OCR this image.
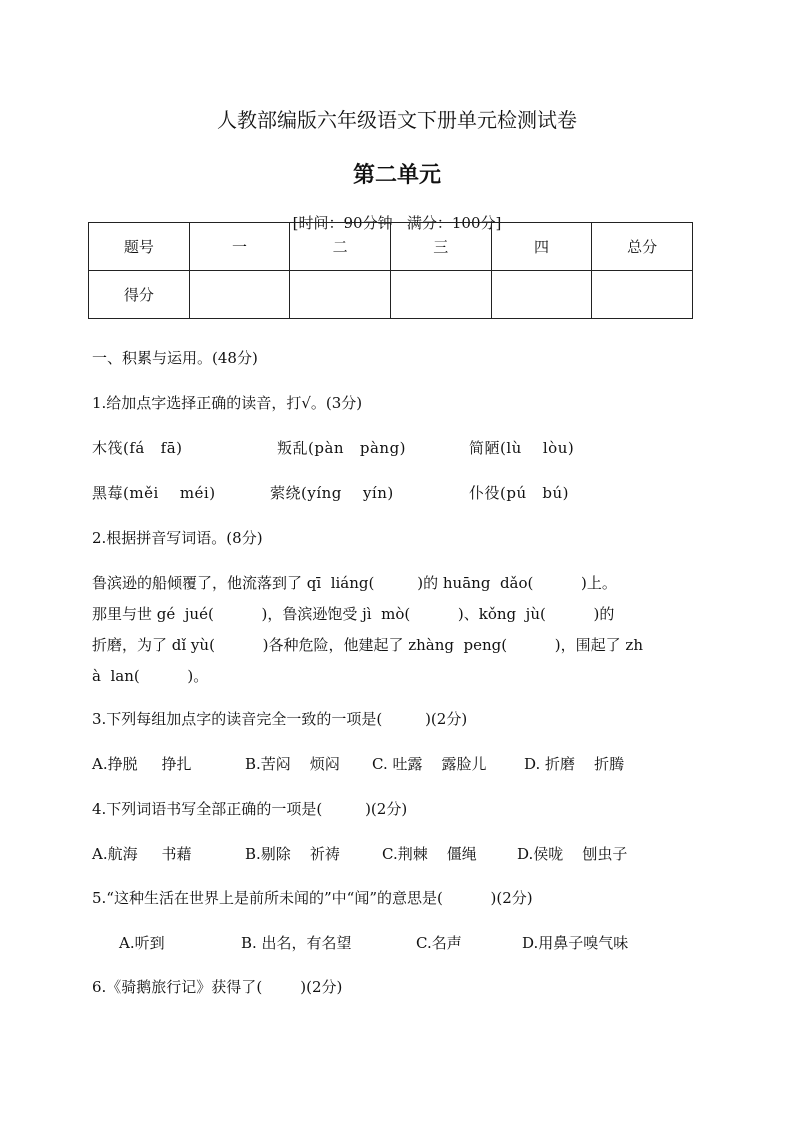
人教部编版六年级语文下册单元检测试卷
第二单元
[时间：90分钟   满分：100分]
题号	一	二	三	四	总分
得分					
一、积累与运用。(48分)
1.给加点字选择正确的读音，打√。(3分)
木筏(fá   fā)	叛乱(pàn   pàng)	简陋(lù    lòu)
黑莓(měi    méi)	萦绕(yíng    yín)	仆役(pú   bú)
2.根据拼音写词语。(8分)
鲁滨逊的船倾覆了，他流落到了 qī  liáng(         )的 huāng  dǎo(          )上。
那里与世 gé  jué(          )，鲁滨逊饱受 jì  mò(          )、kǒng  jù(          )的
折磨，为了 dǐ yù(          )各种危险，他建起了 zhàng  peng(          )，围起了 zh
à  lan(          )。
3.下列每组加点字的读音完全一致的一项是(         )(2分)
A.挣脱     挣扎	B.苦闷    烦闷 C. 吐露    露脸儿 D. 折磨    折腾
4.下列词语书写全部正确的一项是(         )(2分)
A.航海     书藉	B.剔除    祈祷	C.荆棘    僵绳	D.侯咙    刨虫子
5.“这种生活在世界上是前所未闻的”中“闻”的意思是(          )(2分)
A.听到	B. 出名，有名望	C.名声	D.用鼻子嗅气味
6.《骑鹅旅行记》获得了(        )(2分)
